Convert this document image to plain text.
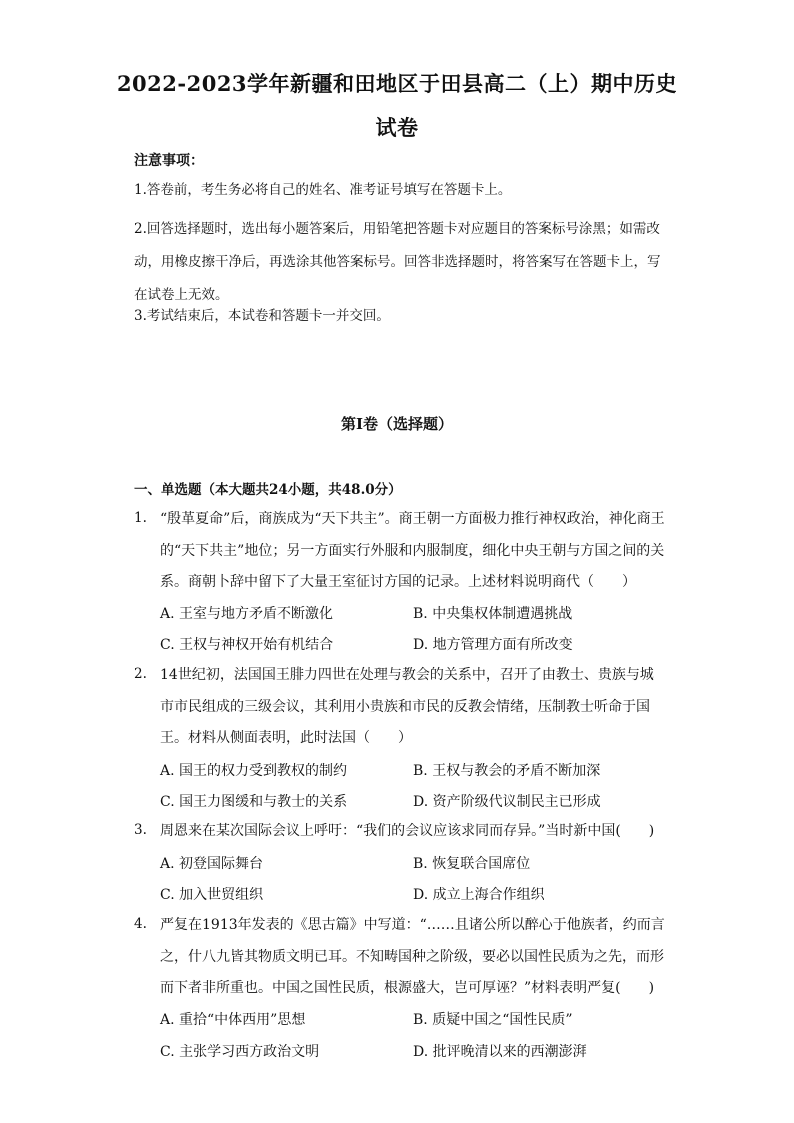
2022-2023学年新疆和田地区于田县高二（上）期中历史
试卷
注意事项：
1.答卷前，考生务必将自己的姓名、准考证号填写在答题卡上。
2.回答选择题时，选出每小题答案后，用铅笔把答题卡对应题目的答案标号涂黑；如需改动，用橡皮擦干净后，再选涂其他答案标号。回答非选择题时，将答案写在答题卡上，写在试卷上无效。
3.考试结束后，本试卷和答题卡一并交回。
第I卷（选择题）
一、单选题（本大题共24小题，共48.0分）
1. “殷革夏命”后，商族成为“天下共主”。商王朝一方面极力推行神权政治，神化商王的“天下共主”地位；另一方面实行外服和内服制度，细化中央王朝与方国之间的关系。商朝卜辞中留下了大量王室征讨方国的记录。上述材料说明商代（　　）
A. 王室与地方矛盾不断激化	B. 中央集权体制遭遇挑战
C. 王权与神权开始有机结合	D. 地方管理方面有所改变
2. 14世纪初，法国国王腓力四世在处理与教会的关系中，召开了由教士、贵族与城市市民组成的三级会议，其利用小贵族和市民的反教会情绪，压制教士听命于国王。材料从侧面表明，此时法国（　　）
A. 国王的权力受到教权的制约	B. 王权与教会的矛盾不断加深
C. 国王力图缓和与教士的关系	D. 资产阶级代议制民主已形成
3. 周恩来在某次国际会议上呼吁：“我们的会议应该求同而存异。”当时新中国(　　)
A. 初登国际舞台	B. 恢复联合国席位
C. 加入世贸组织	D. 成立上海合作组织
4. 严复在1913年发表的《思古篇》中写道：“……且诸公所以醉心于他族者，约而言之，什八九皆其物质文明已耳。不知畴国种之阶级，要必以国性民质为之先，而形而下者非所重也。中国之国性民质，根源盛大，岂可厚诬？”材料表明严复(　　)
A. 重拾“中体西用”思想	B. 质疑中国之“国性民质”
C. 主张学习西方政治文明	D. 批评晚清以来的西潮澎湃
